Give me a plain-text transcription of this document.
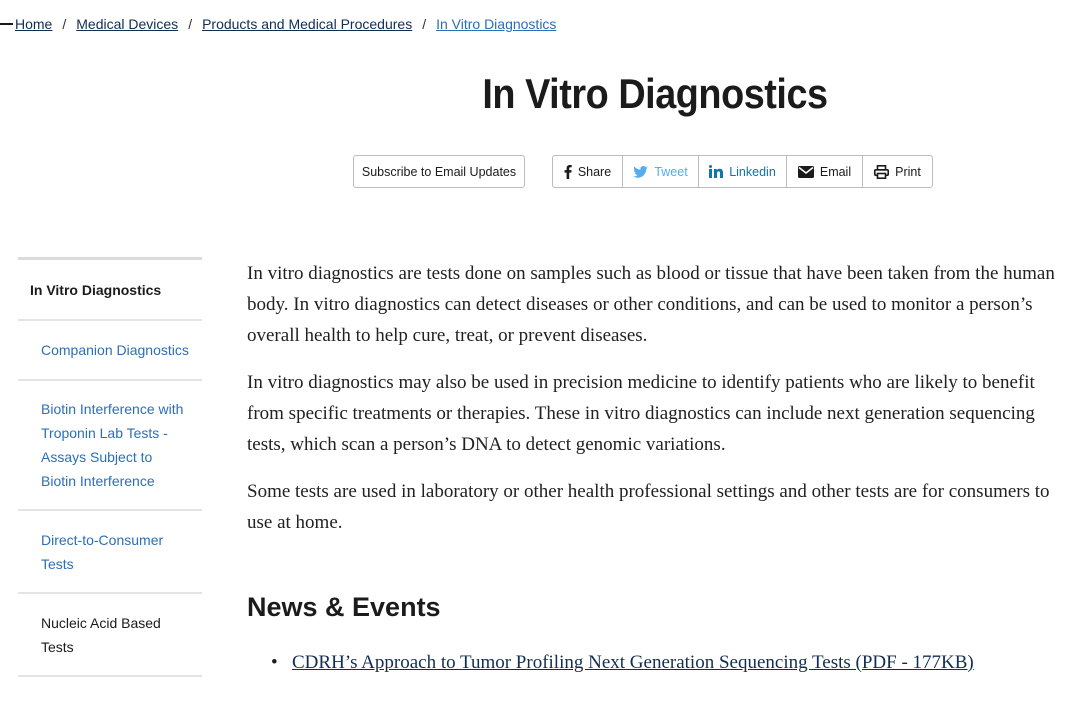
Home / Medical Devices / Products and Medical Procedures / In Vitro Diagnostics
In Vitro Diagnostics
Subscribe to Email Updates	Share	Tweet	Linkedin	Email	Print
In Vitro Diagnostics
Companion Diagnostics
Biotin Interference with Troponin Lab Tests - Assays Subject to Biotin Interference
Direct-to-Consumer Tests
Nucleic Acid Based Tests

In vitro diagnostics are tests done on samples such as blood or tissue that have been taken from the human body. In vitro diagnostics can detect diseases or other conditions, and can be used to monitor a person’s overall health to help cure, treat, or prevent diseases.

In vitro diagnostics may also be used in precision medicine to identify patients who are likely to benefit from specific treatments or therapies. These in vitro diagnostics can include next generation sequencing tests, which scan a person’s DNA to detect genomic variations.

Some tests are used in laboratory or other health professional settings and other tests are for consumers to use at home.

News & Events
• CDRH’s Approach to Tumor Profiling Next Generation Sequencing Tests (PDF - 177KB)
